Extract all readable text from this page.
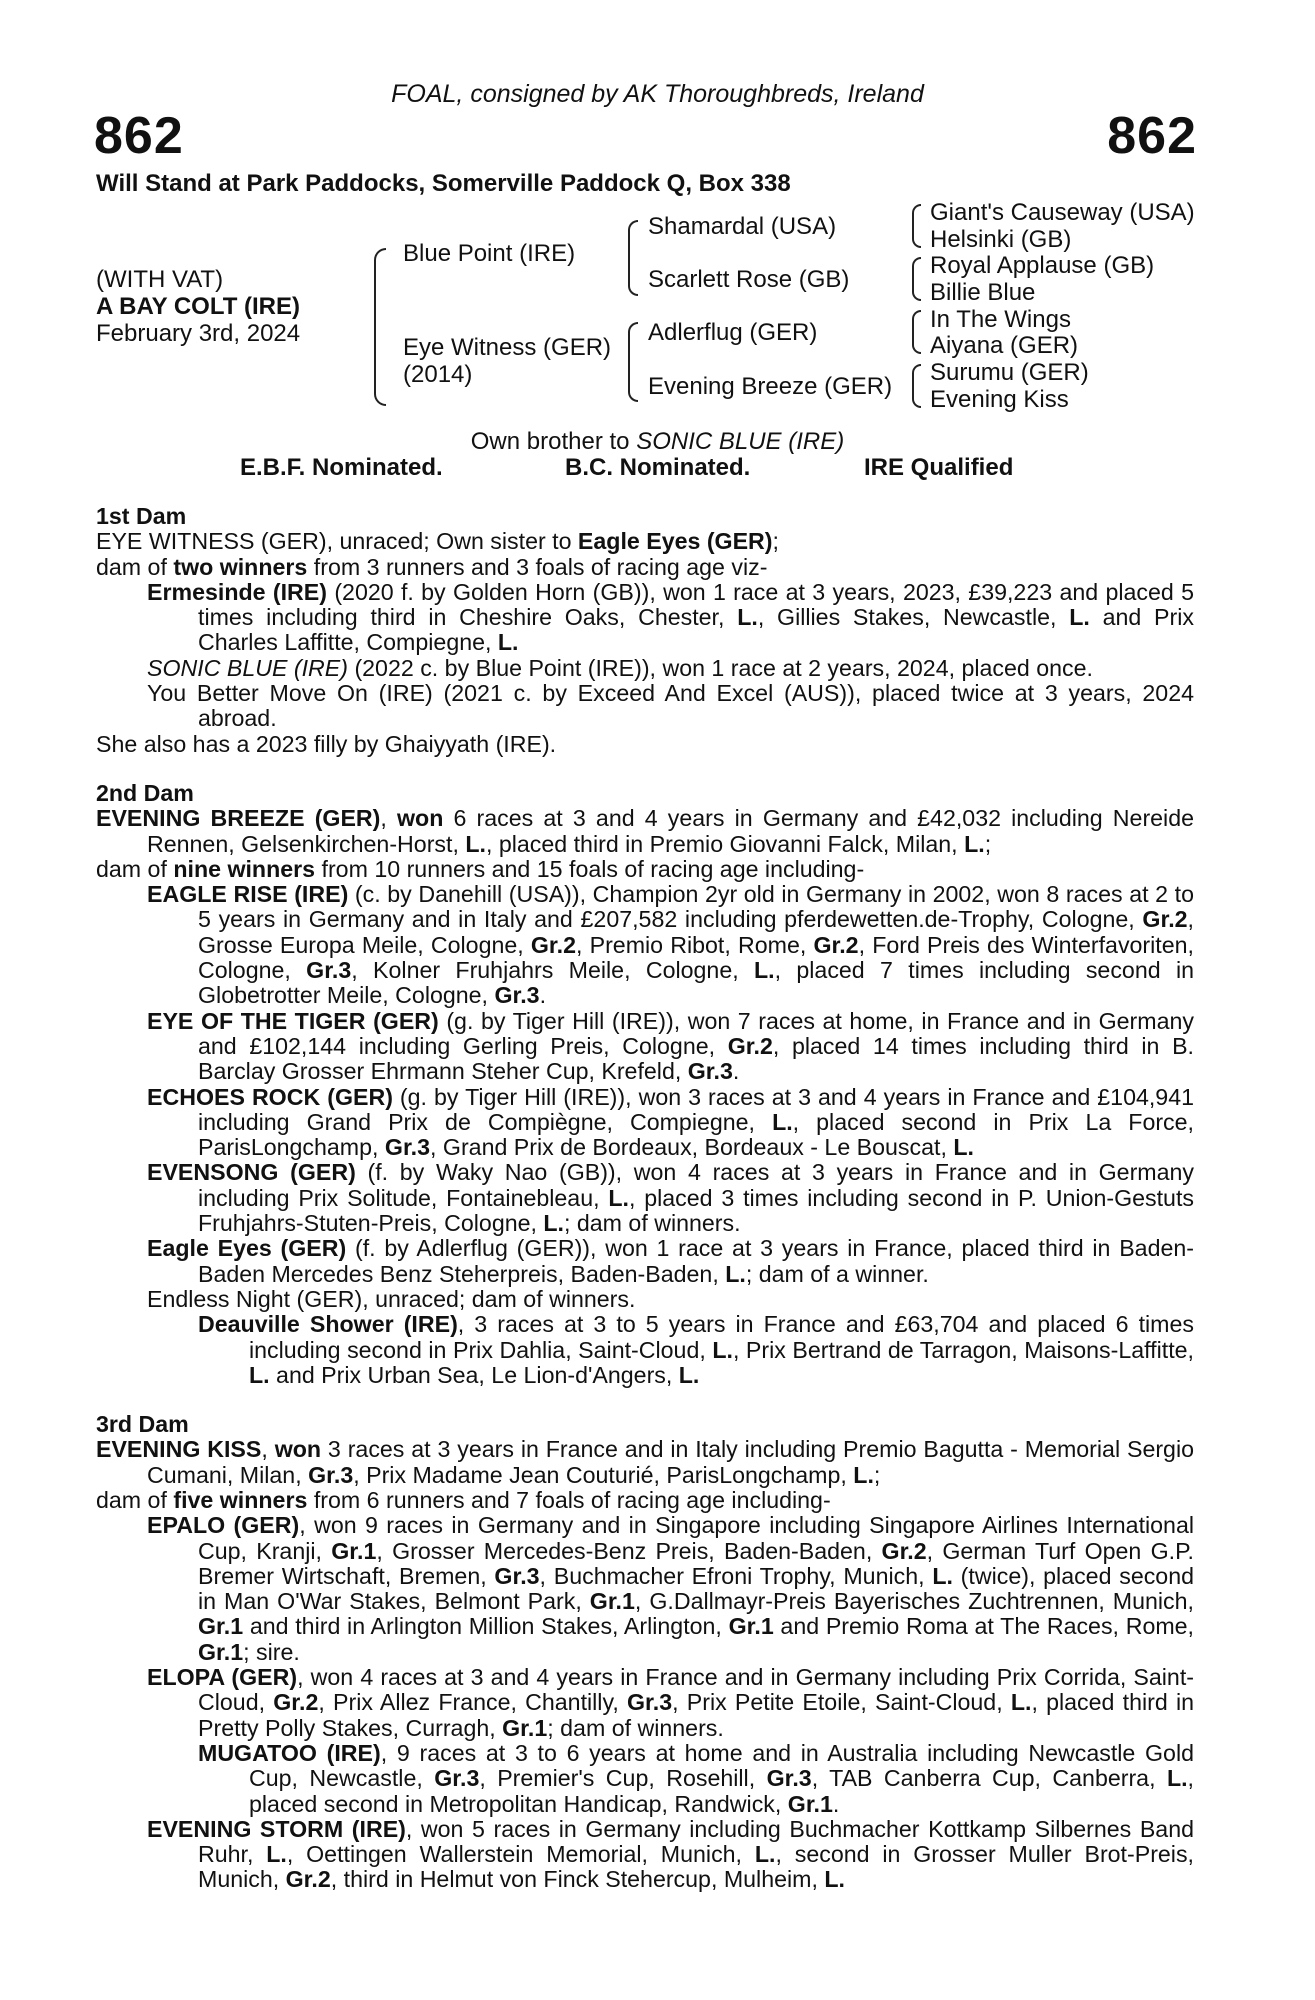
FOAL, consigned by AK Thoroughbreds, Ireland
862	862
Will Stand at Park Paddocks, Somerville Paddock Q, Box 338
(WITH VAT)
A BAY COLT (IRE)
February 3rd, 2024
Blue Point (IRE)
Eye Witness (GER)
(2014)
Shamardal (USA)
Scarlett Rose (GB)
Adlerflug (GER)
Evening Breeze (GER)
Giant's Causeway (USA)
Helsinki (GB)
Royal Applause (GB)
Billie Blue
In The Wings
Aiyana (GER)
Surumu (GER)
Evening Kiss
Own brother to SONIC BLUE (IRE)
E.B.F. Nominated.	B.C. Nominated.	IRE Qualified

1st Dam

EYE WITNESS (GER), unraced; Own sister to Eagle Eyes (GER);

dam of two winners from 3 runners and 3 foals of racing age viz-

Ermesinde (IRE) (2020 f. by Golden Horn (GB)), won 1 race at 3 years, 2023, £39,223 and placed 5 times including third in Cheshire Oaks, Chester, L., Gillies Stakes, Newcastle, L. and Prix Charles Laffitte, Compiegne, L.

SONIC BLUE (IRE) (2022 c. by Blue Point (IRE)), won 1 race at 2 years, 2024, placed once.

You Better Move On (IRE) (2021 c. by Exceed And Excel (AUS)), placed twice at 3 years, 2024 abroad.

She also has a 2023 filly by Ghaiyyath (IRE).

2nd Dam

EVENING BREEZE (GER), won 6 races at 3 and 4 years in Germany and £42,032 including Nereide Rennen, Gelsenkirchen-Horst, L., placed third in Premio Giovanni Falck, Milan, L.;

dam of nine winners from 10 runners and 15 foals of racing age including-

EAGLE RISE (IRE) (c. by Danehill (USA)), Champion 2yr old in Germany in 2002, won 8 races at 2 to 5 years in Germany and in Italy and £207,582 including pferdewetten.de-Trophy, Cologne, Gr.2, Grosse Europa Meile, Cologne, Gr.2, Premio Ribot, Rome, Gr.2, Ford Preis des Winterfavoriten, Cologne, Gr.3, Kolner Fruhjahrs Meile, Cologne, L., placed 7 times including second in Globetrotter Meile, Cologne, Gr.3.

EYE OF THE TIGER (GER) (g. by Tiger Hill (IRE)), won 7 races at home, in France and in Germany and £102,144 including Gerling Preis, Cologne, Gr.2, placed 14 times including third in B. Barclay Grosser Ehrmann Steher Cup, Krefeld, Gr.3.

ECHOES ROCK (GER) (g. by Tiger Hill (IRE)), won 3 races at 3 and 4 years in France and £104,941 including Grand Prix de Compiègne, Compiegne, L., placed second in Prix La Force, ParisLongchamp, Gr.3, Grand Prix de Bordeaux, Bordeaux - Le Bouscat, L.

EVENSONG (GER) (f. by Waky Nao (GB)), won 4 races at 3 years in France and in Germany including Prix Solitude, Fontainebleau, L., placed 3 times including second in P. Union-Gestuts Fruhjahrs-Stuten-Preis, Cologne, L.; dam of winners.

Eagle Eyes (GER) (f. by Adlerflug (GER)), won 1 race at 3 years in France, placed third in Baden-Baden Mercedes Benz Steherpreis, Baden-Baden, L.; dam of a winner.

Endless Night (GER), unraced; dam of winners.

Deauville Shower (IRE), 3 races at 3 to 5 years in France and £63,704 and placed 6 times including second in Prix Dahlia, Saint-Cloud, L., Prix Bertrand de Tarragon, Maisons-Laffitte, L. and Prix Urban Sea, Le Lion-d'Angers, L.

3rd Dam

EVENING KISS, won 3 races at 3 years in France and in Italy including Premio Bagutta - Memorial Sergio Cumani, Milan, Gr.3, Prix Madame Jean Couturié, ParisLongchamp, L.;

dam of five winners from 6 runners and 7 foals of racing age including-

EPALO (GER), won 9 races in Germany and in Singapore including Singapore Airlines International Cup, Kranji, Gr.1, Grosser Mercedes-Benz Preis, Baden-Baden, Gr.2, German Turf Open G.P. Bremer Wirtschaft, Bremen, Gr.3, Buchmacher Efroni Trophy, Munich, L. (twice), placed second in Man O'War Stakes, Belmont Park, Gr.1, G.Dallmayr-Preis Bayerisches Zuchtrennen, Munich, Gr.1 and third in Arlington Million Stakes, Arlington, Gr.1 and Premio Roma at The Races, Rome, Gr.1; sire.

ELOPA (GER), won 4 races at 3 and 4 years in France and in Germany including Prix Corrida, Saint-Cloud, Gr.2, Prix Allez France, Chantilly, Gr.3, Prix Petite Etoile, Saint-Cloud, L., placed third in Pretty Polly Stakes, Curragh, Gr.1; dam of winners.

MUGATOO (IRE), 9 races at 3 to 6 years at home and in Australia including Newcastle Gold Cup, Newcastle, Gr.3, Premier's Cup, Rosehill, Gr.3, TAB Canberra Cup, Canberra, L., placed second in Metropolitan Handicap, Randwick, Gr.1.

EVENING STORM (IRE), won 5 races in Germany including Buchmacher Kottkamp Silbernes Band Ruhr, L., Oettingen Wallerstein Memorial, Munich, L., second in Grosser Muller Brot-Preis, Munich, Gr.2, third in Helmut von Finck Stehercup, Mulheim, L.
